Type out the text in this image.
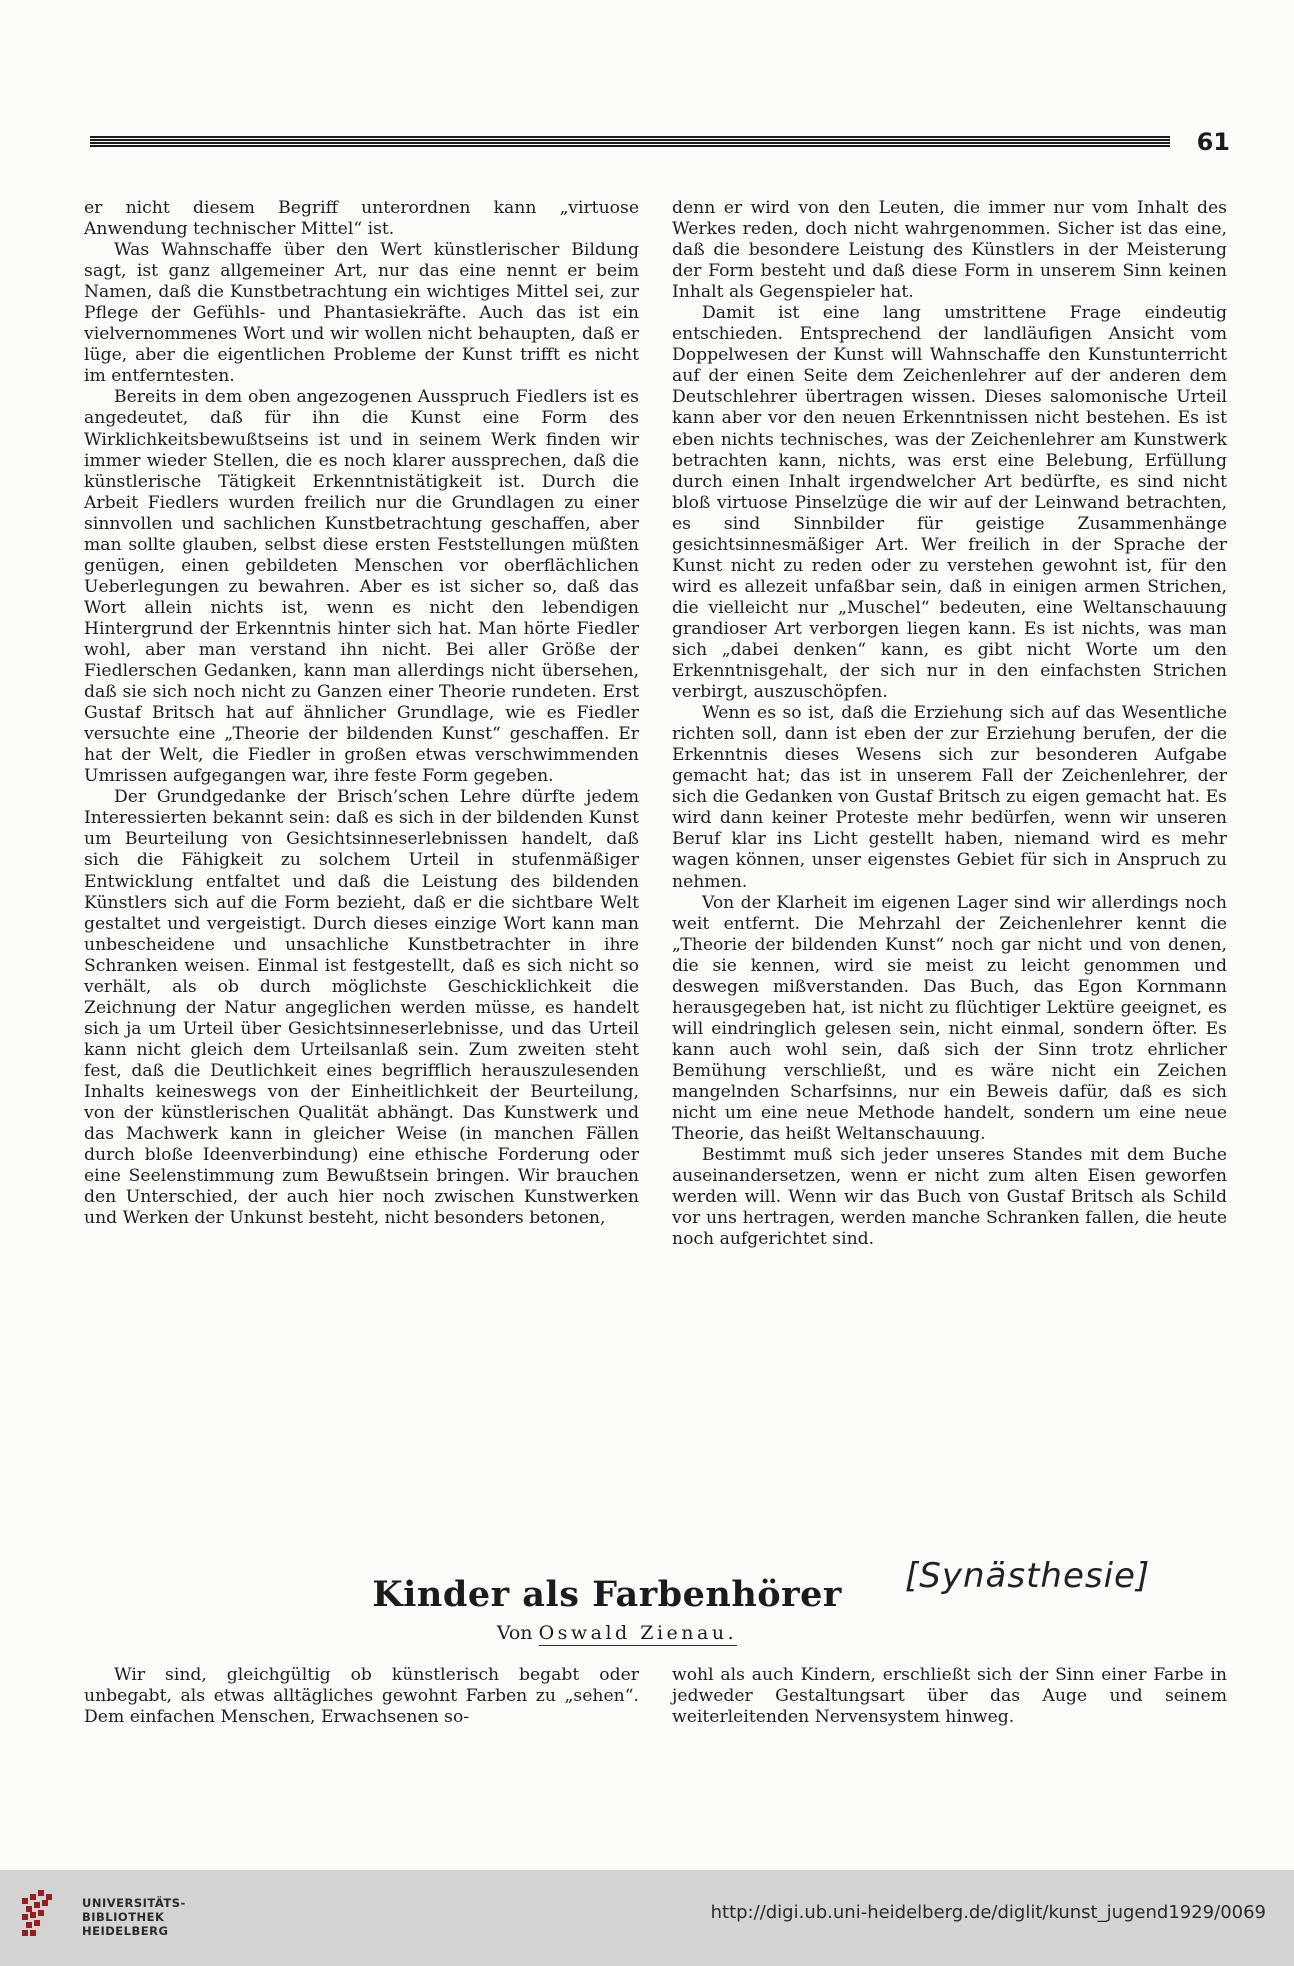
61

er nicht diesem Begriff unterordnen kann „virtuose Anwendung technischer Mittel“ ist.

Was Wahnschaffe über den Wert künstlerischer Bildung sagt, ist ganz allgemeiner Art, nur das eine nennt er beim Namen, daß die Kunstbetrachtung ein wichtiges Mittel sei, zur Pflege der Gefühls- und Phantasiekräfte. Auch das ist ein vielvernommenes Wort und wir wollen nicht behaupten, daß er lüge, aber die eigentlichen Probleme der Kunst trifft es nicht im entferntesten.

Bereits in dem oben angezogenen Ausspruch Fiedlers ist es angedeutet, daß für ihn die Kunst eine Form des Wirklichkeitsbewußtseins ist und in seinem Werk finden wir immer wieder Stellen, die es noch klarer aussprechen, daß die künstlerische Tätigkeit Erkenntnistätigkeit ist. Durch die Arbeit Fiedlers wurden freilich nur die Grundlagen zu einer sinnvollen und sachlichen Kunstbetrachtung geschaffen, aber man sollte glauben, selbst diese ersten Feststellungen müßten genügen, einen gebildeten Menschen vor oberflächlichen Ueberlegungen zu bewahren. Aber es ist sicher so, daß das Wort allein nichts ist, wenn es nicht den lebendigen Hintergrund der Erkenntnis hinter sich hat. Man hörte Fiedler wohl, aber man verstand ihn nicht. Bei aller Größe der Fiedlerschen Gedanken, kann man allerdings nicht übersehen, daß sie sich noch nicht zu Ganzen einer Theorie rundeten. Erst Gustaf Britsch hat auf ähnlicher Grundlage, wie es Fiedler versuchte eine „Theorie der bildenden Kunst“ geschaffen. Er hat der Welt, die Fiedler in großen etwas verschwimmenden Umrissen aufgegangen war, ihre feste Form gegeben.

Der Grundgedanke der Brisch’schen Lehre dürfte jedem Interessierten bekannt sein: daß es sich in der bildenden Kunst um Beurteilung von Gesichtsinneserlebnissen handelt, daß sich die Fähigkeit zu solchem Urteil in stufenmäßiger Entwicklung entfaltet und daß die Leistung des bildenden Künstlers sich auf die Form bezieht, daß er die sichtbare Welt gestaltet und vergeistigt. Durch dieses einzige Wort kann man unbescheidene und unsachliche Kunstbetrachter in ihre Schranken weisen. Einmal ist festgestellt, daß es sich nicht so verhält, als ob durch möglichste Geschicklichkeit die Zeichnung der Natur angeglichen werden müsse, es handelt sich ja um Urteil über Gesichtsinneserlebnisse, und das Urteil kann nicht gleich dem Urteilsanlaß sein. Zum zweiten steht fest, daß die Deutlichkeit eines begrifflich herauszulesenden Inhalts keineswegs von der Einheitlichkeit der Beurteilung, von der künstlerischen Qualität abhängt. Das Kunstwerk und das Machwerk kann in gleicher Weise (in manchen Fällen durch bloße Ideenverbindung) eine ethische Forderung oder eine Seelenstimmung zum Bewußtsein bringen. Wir brauchen den Unterschied, der auch hier noch zwischen Kunstwerken und Werken der Unkunst besteht, nicht besonders betonen,

denn er wird von den Leuten, die immer nur vom Inhalt des Werkes reden, doch nicht wahrgenommen. Sicher ist das eine, daß die besondere Leistung des Künstlers in der Meisterung der Form besteht und daß diese Form in unserem Sinn keinen Inhalt als Gegenspieler hat.

Damit ist eine lang umstrittene Frage eindeutig entschieden. Entsprechend der landläufigen Ansicht vom Doppelwesen der Kunst will Wahnschaffe den Kunstunterricht auf der einen Seite dem Zeichenlehrer auf der anderen dem Deutschlehrer übertragen wissen. Dieses salomonische Urteil kann aber vor den neuen Erkenntnissen nicht bestehen. Es ist eben nichts technisches, was der Zeichenlehrer am Kunstwerk betrachten kann, nichts, was erst eine Belebung, Erfüllung durch einen Inhalt irgendwelcher Art bedürfte, es sind nicht bloß virtuose Pinselzüge die wir auf der Leinwand betrachten, es sind Sinnbilder für geistige Zusammenhänge gesichtsinnesmäßiger Art. Wer freilich in der Sprache der Kunst nicht zu reden oder zu verstehen gewohnt ist, für den wird es allezeit unfaßbar sein, daß in einigen armen Strichen, die vielleicht nur „Muschel“ bedeuten, eine Weltanschauung grandioser Art verborgen liegen kann. Es ist nichts, was man sich „dabei denken“ kann, es gibt nicht Worte um den Erkenntnisgehalt, der sich nur in den einfachsten Strichen verbirgt, auszuschöpfen.

Wenn es so ist, daß die Erziehung sich auf das Wesentliche richten soll, dann ist eben der zur Erziehung berufen, der die Erkenntnis dieses Wesens sich zur besonderen Aufgabe gemacht hat; das ist in unserem Fall der Zeichenlehrer, der sich die Gedanken von Gustaf Britsch zu eigen gemacht hat. Es wird dann keiner Proteste mehr bedürfen, wenn wir unseren Beruf klar ins Licht gestellt haben, niemand wird es mehr wagen können, unser eigenstes Gebiet für sich in Anspruch zu nehmen.

Von der Klarheit im eigenen Lager sind wir allerdings noch weit entfernt. Die Mehrzahl der Zeichenlehrer kennt die „Theorie der bildenden Kunst“ noch gar nicht und von denen, die sie kennen, wird sie meist zu leicht genommen und deswegen mißverstanden. Das Buch, das Egon Kornmann herausgegeben hat, ist nicht zu flüchtiger Lektüre geeignet, es will eindringlich gelesen sein, nicht einmal, sondern öfter. Es kann auch wohl sein, daß sich der Sinn trotz ehrlicher Bemühung verschließt, und es wäre nicht ein Zeichen mangelnden Scharfsinns, nur ein Beweis dafür, daß es sich nicht um eine neue Methode handelt, sondern um eine neue Theorie, das heißt Weltanschauung.

Bestimmt muß sich jeder unseres Standes mit dem Buche auseinandersetzen, wenn er nicht zum alten Eisen geworfen werden will. Wenn wir das Buch von Gustaf Britsch als Schild vor uns hertragen, werden manche Schranken fallen, die heute noch aufgerichtet sind.

Kinder als Farbenhörer	[Synästhesie]
Von Oswald Zienau.

Wir sind, gleichgültig ob künstlerisch begabt oder unbegabt, als etwas alltägliches gewohnt Farben zu „sehen“. Dem einfachen Menschen, Erwachsenen so-

wohl als auch Kindern, erschließt sich der Sinn einer Farbe in jedweder Gestaltungsart über das Auge und seinem weiterleitenden Nervensystem hinweg.

UNIVERSITÄTS-
BIBLIOTHEK
HEIDELBERG
http://digi.ub.uni-heidelberg.de/diglit/kunst_jugend1929/0069
